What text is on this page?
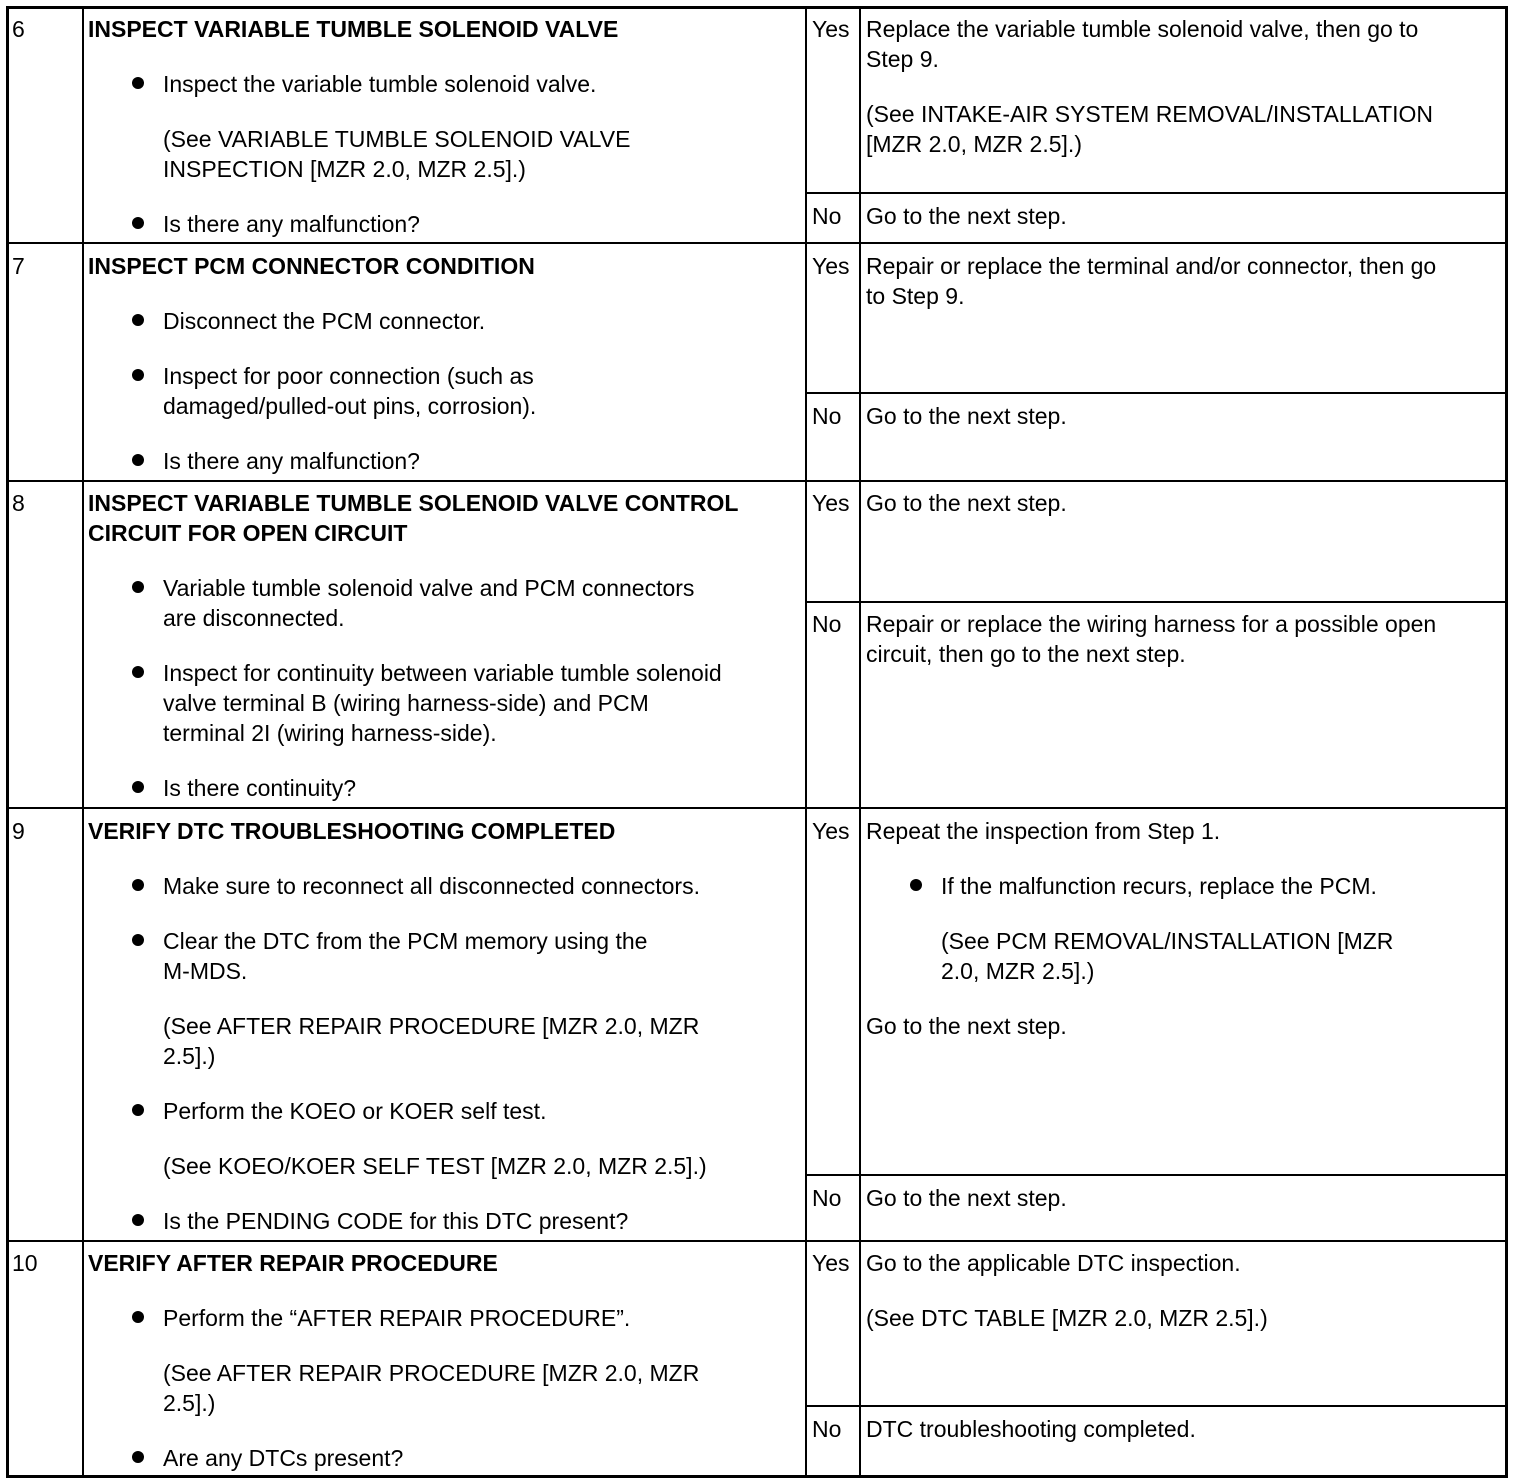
6	INSPECT VARIABLE TUMBLE SOLENOID VALVE
Inspect the variable tumble solenoid valve.
(See VARIABLE TUMBLE SOLENOID VALVE
INSPECTION [MZR 2.0, MZR 2.5].)
Is there any malfunction?
Yes Replace the variable tumble solenoid valve, then go to
Step 9.
(See INTAKE-AIR SYSTEM REMOVAL/INSTALLATION
[MZR 2.0, MZR 2.5].)
No Go to the next step.
7	INSPECT PCM CONNECTOR CONDITION
Disconnect the PCM connector.
Inspect for poor connection (such as
damaged/pulled-out pins, corrosion).
Is there any malfunction?
Yes Repair or replace the terminal and/or connector, then go
to Step 9.
No Go to the next step.
8	INSPECT VARIABLE TUMBLE SOLENOID VALVE CONTROL
CIRCUIT FOR OPEN CIRCUIT
Variable tumble solenoid valve and PCM connectors
are disconnected.
Inspect for continuity between variable tumble solenoid
valve terminal B (wiring harness-side) and PCM
terminal 2I (wiring harness-side).
Is there continuity?
Yes Go to the next step.
No Repair or replace the wiring harness for a possible open
circuit, then go to the next step.
9	VERIFY DTC TROUBLESHOOTING COMPLETED
Make sure to reconnect all disconnected connectors.
Clear the DTC from the PCM memory using the
M-MDS.
(See AFTER REPAIR PROCEDURE [MZR 2.0, MZR
2.5].)
Perform the KOEO or KOER self test.
(See KOEO/KOER SELF TEST [MZR 2.0, MZR 2.5].)
Is the PENDING CODE for this DTC present?
Yes Repeat the inspection from Step 1.
If the malfunction recurs, replace the PCM.
(See PCM REMOVAL/INSTALLATION [MZR
2.0, MZR 2.5].)
Go to the next step.
No Go to the next step.
10 VERIFY AFTER REPAIR PROCEDURE
Perform the “AFTER REPAIR PROCEDURE”.
(See AFTER REPAIR PROCEDURE [MZR 2.0, MZR
2.5].)
Are any DTCs present?
Yes Go to the applicable DTC inspection.
(See DTC TABLE [MZR 2.0, MZR 2.5].)
No DTC troubleshooting completed.
